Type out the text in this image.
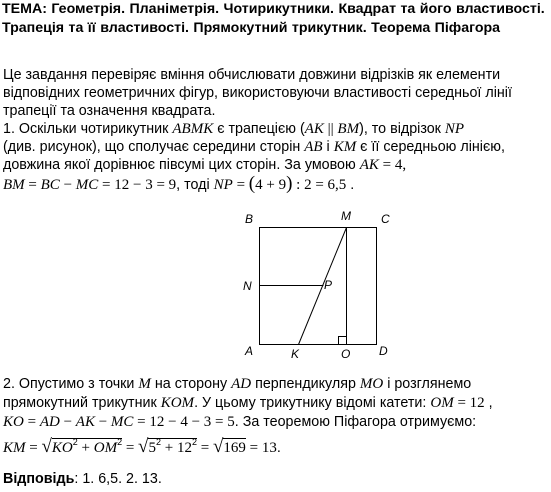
ТЕМА: Геометрія. Планіметрія. Чотирикутники. Квадрат та його властивості. Трапеція та її властивості. Прямокутний трикутник. Теорема Піфагора
Це завдання перевіряє вміння обчислювати довжини відрізків як елементи
відповідних геометричних фігур, використовуючи властивості середньої лінії
трапеції та означення квадрата.
1. Оскільки чотирикутник ABMK є трапецією (AK || BM), то відрізок NP
(див. рисунок), що сполучає середини сторін AB і KM є її середньою лінією,
довжина якої дорівнює півсумі цих сторін. За умовою AK = 4,
BM = BC − MC = 12 − 3 = 9, тоді NP = (4 + 9) : 2 = 6,5 .
B	M	C
N	P
A	K	O D
2. Опустимо з точки M на сторону AD перпендикуляр MO і розглянемо
прямокутний трикутник KOM. У цьому трикутнику відомі катети: OM = 12 ,
KO = AD − AK − MC = 12 − 4 − 3 = 5. За теоремою Піфагора отримуємо:
KM = $√KO^2 + OM^2 = √5^2 + 12^2 = √169 = 13$.
Відповідь: 1. 6,5. 2. 13.
